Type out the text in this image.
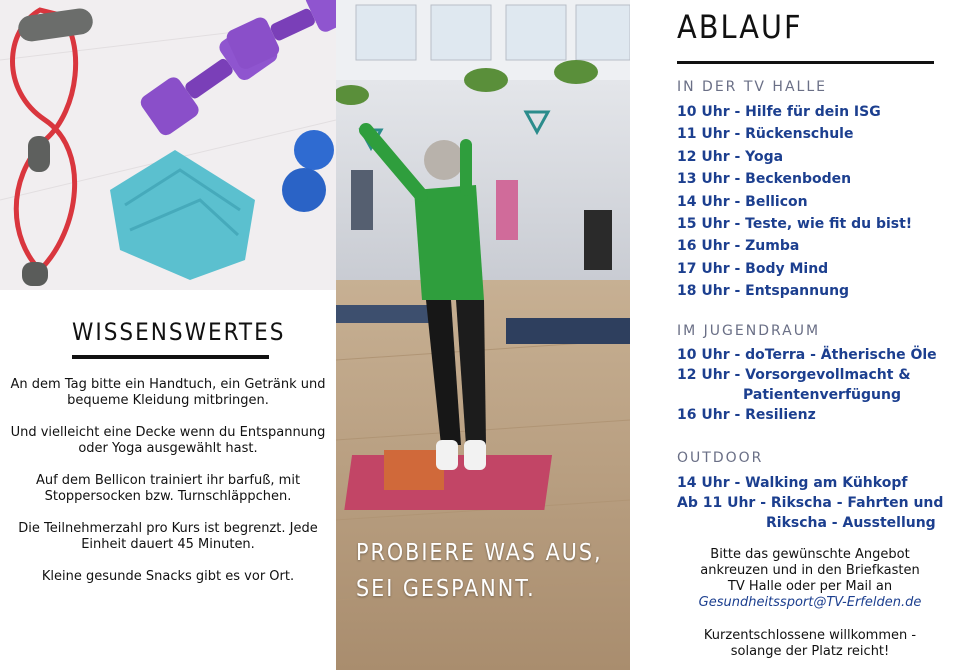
WISSENSWERTES

An dem Tag bitte ein Handtuch, ein Getränk und bequeme Kleidung mitbringen.

Und vielleicht eine Decke wenn du Entspannung oder Yoga ausgewählt hast.

Auf dem Bellicon trainiert ihr barfuß, mit Stoppersocken bzw. Turnschläppchen.

Die Teilnehmerzahl pro Kurs ist begrenzt. Jede Einheit dauert 45 Minuten.

Kleine gesunde Snacks gibt es vor Ort.

PROBIERE WAS AUS,
SEI GESPANNT.
ABLAUF
IN DER TV HALLE
10 Uhr - Hilfe für dein ISG
11 Uhr - Rückenschule
12 Uhr - Yoga
13 Uhr - Beckenboden
14 Uhr - Bellicon
15 Uhr - Teste, wie fit du bist!
16 Uhr - Zumba
17 Uhr - Body Mind
18 Uhr - Entspannung
IM JUGENDRAUM
10 Uhr - doTerra - Ätherische Öle
12 Uhr - Vorsorgevollmacht &
Patientenverfügung
16 Uhr - Resilienz
OUTDOOR
14 Uhr - Walking am Kühkopf
Ab 11 Uhr - Rikscha - Fahrten und
Rikscha - Ausstellung
Bitte das gewünschte Angebot
ankreuzen und in den Briefkasten
TV Halle oder per Mail an
Gesundheitssport@TV-Erfelden.de
Kurzentschlossene willkommen -
solange der Platz reicht!
